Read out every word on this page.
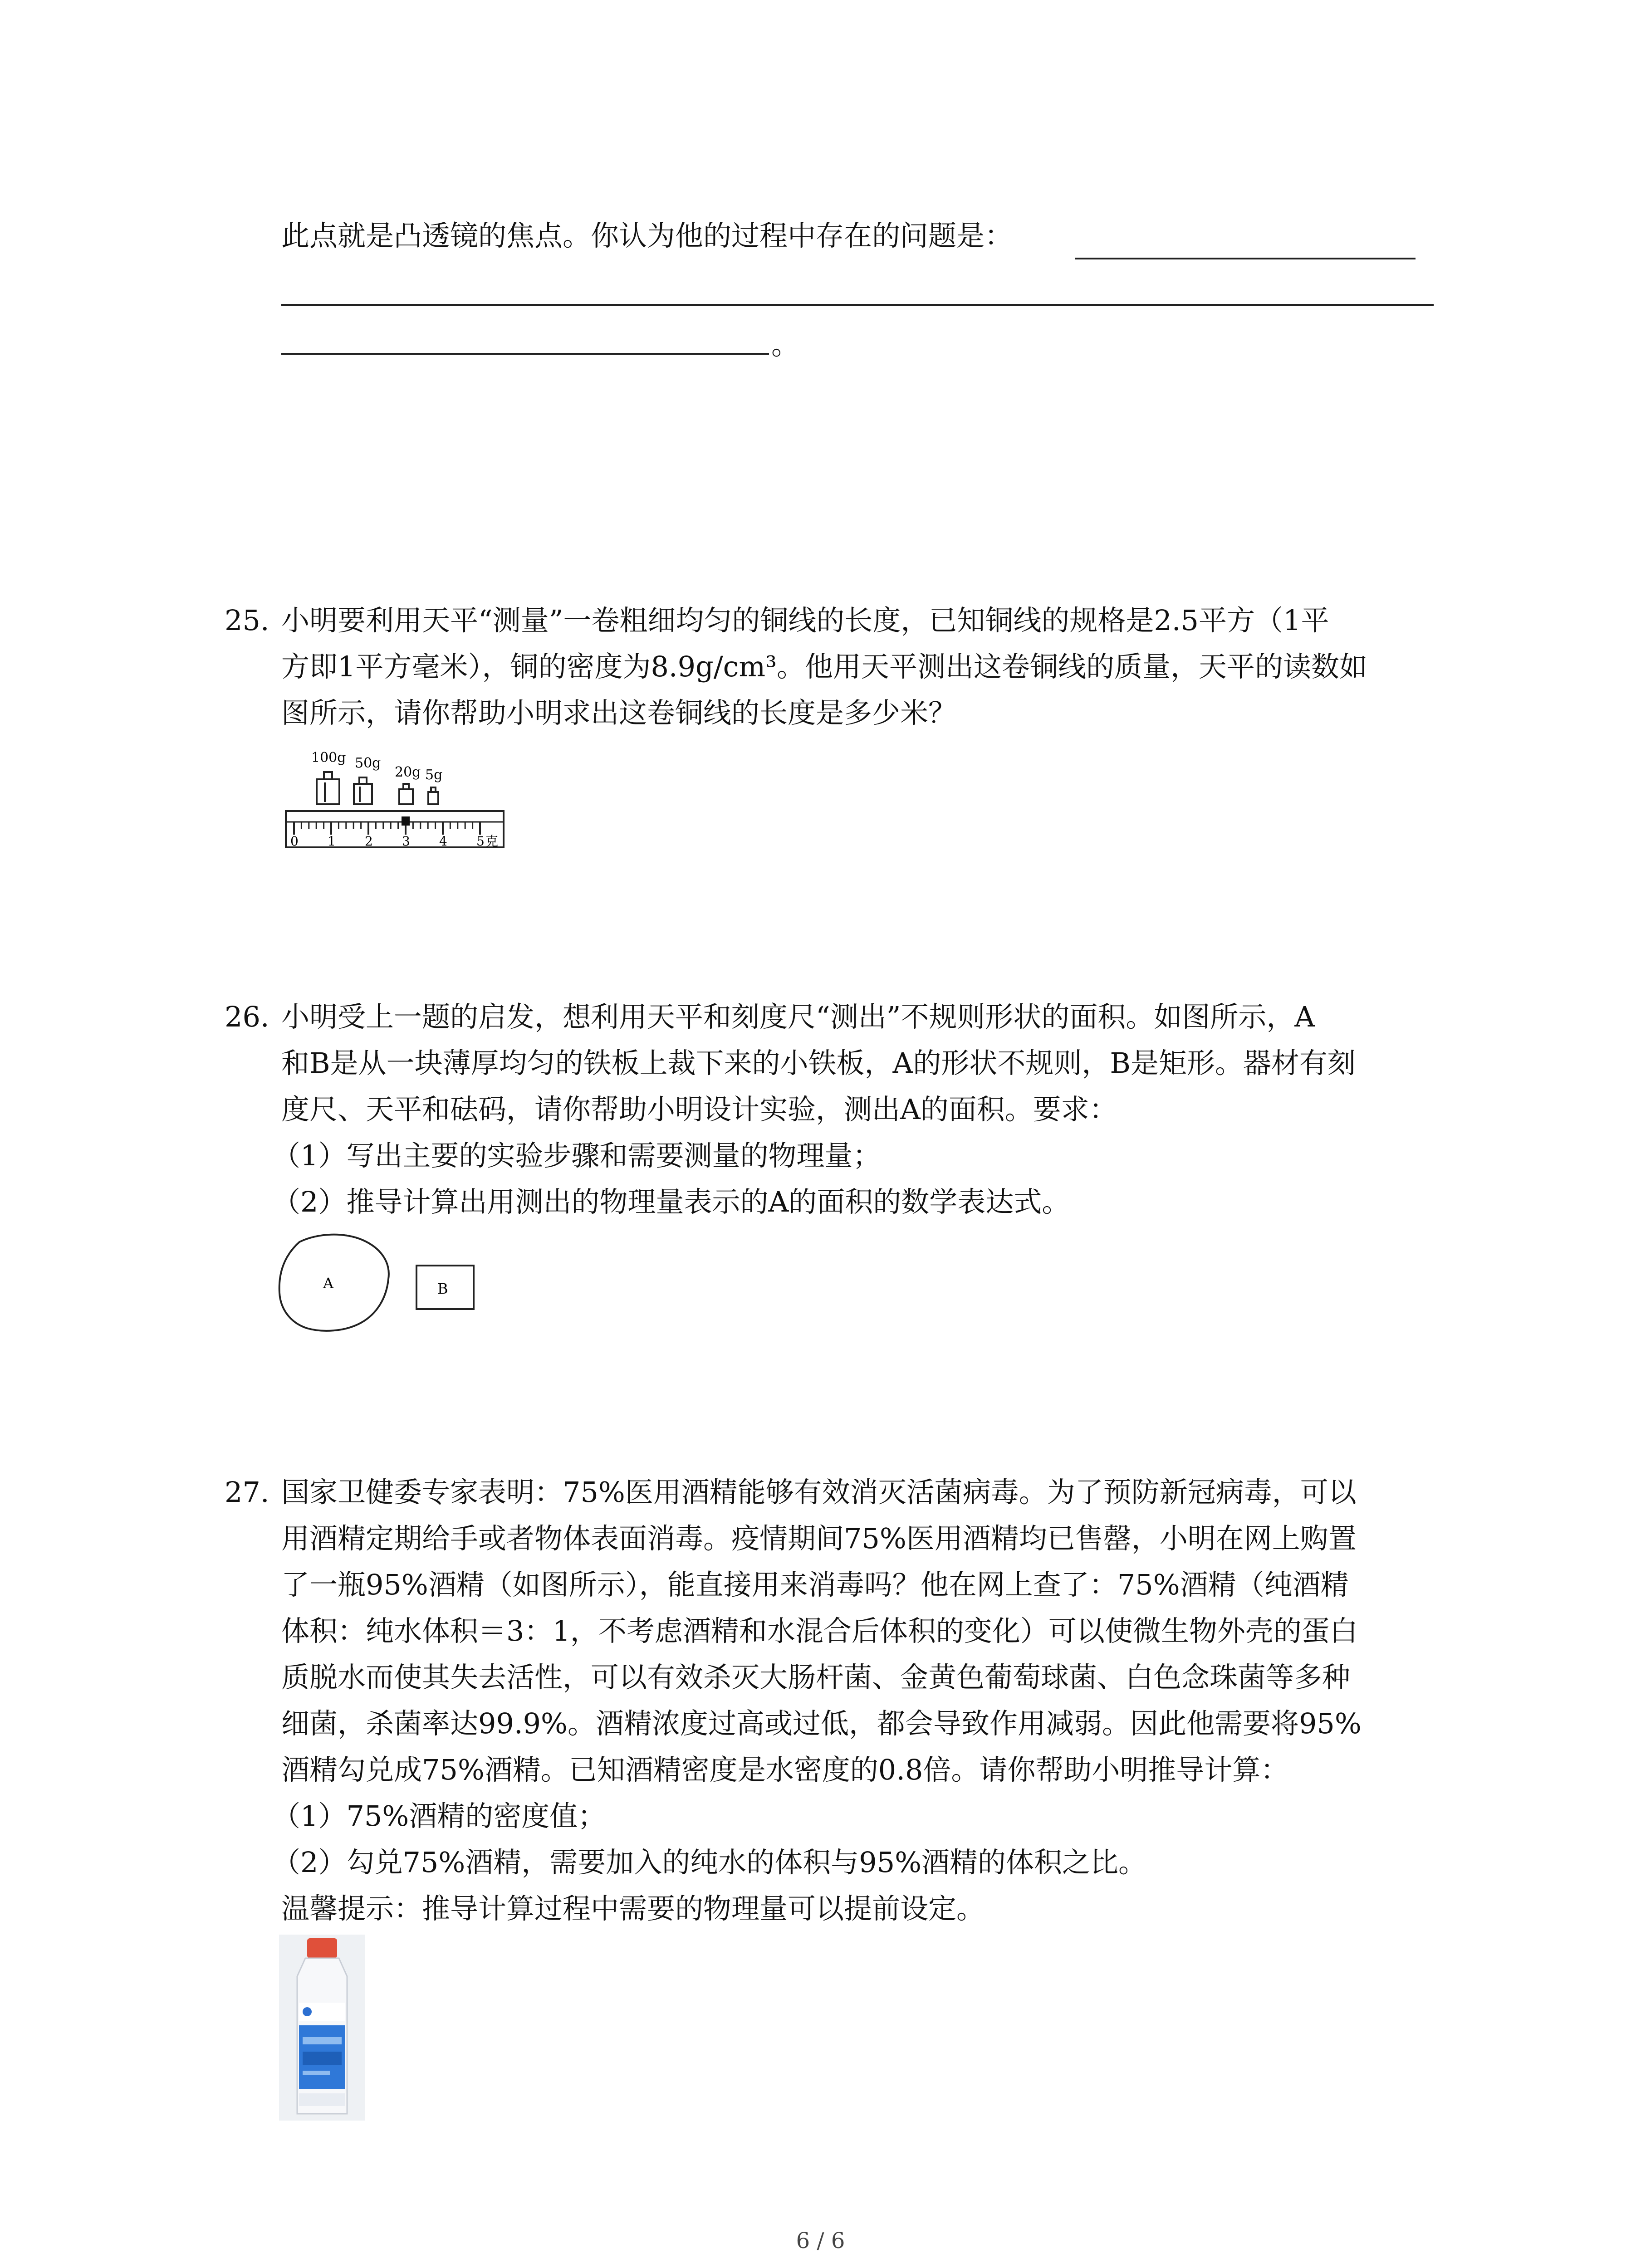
此点就是凸透镜的焦点。你认为他的过程中存在的问题是：
。
25. 小明要利用天平“测量”一卷粗细均匀的铜线的长度，已知铜线的规格是2.5平方（1平
方即1平方毫米），铜的密度为8.9g/cm³。他用天平测出这卷铜线的质量，天平的读数如
图所示，请你帮助小明求出这卷铜线的长度是多少米？
100g 50g
20g 5g
0 1 2 3 4 5 克
26. 小明受上一题的启发，想利用天平和刻度尺“测出”不规则形状的面积。如图所示，A
和B是从一块薄厚均匀的铁板上裁下来的小铁板，A的形状不规则，B是矩形。器材有刻
度尺、天平和砝码，请你帮助小明设计实验，测出A的面积。要求：
（1）写出主要的实验步骤和需要测量的物理量；
（2）推导计算出用测出的物理量表示的A的面积的数学表达式。
A	B
27. 国家卫健委专家表明：75%医用酒精能够有效消灭活菌病毒。为了预防新冠病毒，可以
用酒精定期给手或者物体表面消毒。疫情期间75%医用酒精均已售罄，小明在网上购置
了一瓶95%酒精（如图所示），能直接用来消毒吗？他在网上查了：75%酒精（纯酒精
体积：纯水体积＝3：1，不考虑酒精和水混合后体积的变化）可以使微生物外壳的蛋白
质脱水而使其失去活性，可以有效杀灭大肠杆菌、金黄色葡萄球菌、白色念珠菌等多种
细菌，杀菌率达99.9%。酒精浓度过高或过低，都会导致作用减弱。因此他需要将95%
酒精勾兑成75%酒精。已知酒精密度是水密度的0.8倍。请你帮助小明推导计算：
（1）75%酒精的密度值；
（2）勾兑75%酒精，需要加入的纯水的体积与95%酒精的体积之比。
温馨提示：推导计算过程中需要的物理量可以提前设定。
6 / 6
